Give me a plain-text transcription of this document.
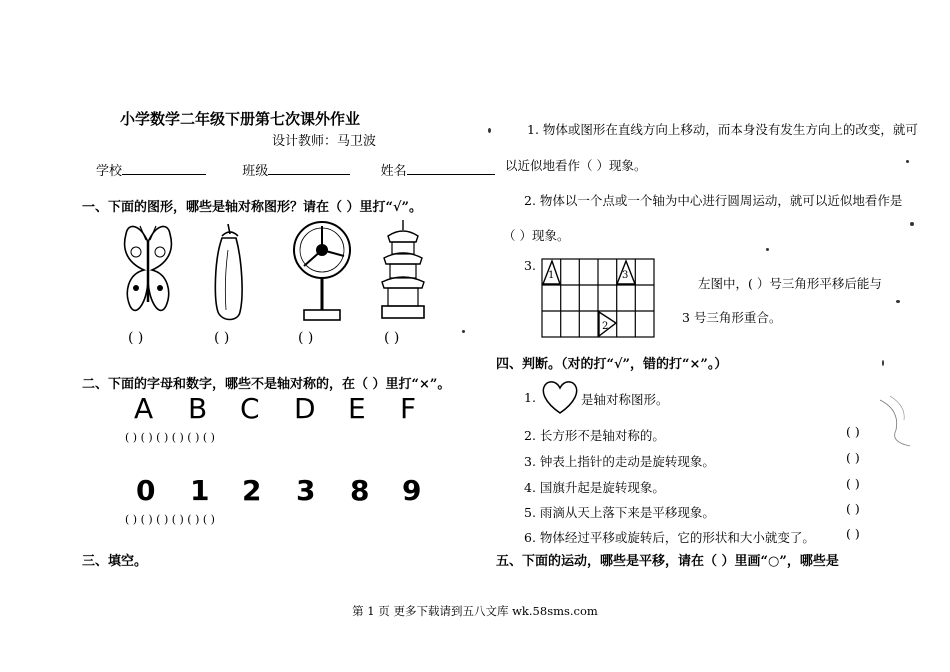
小学数学二年级下册第七次课外作业
设计教师：马卫波
学校	班级	姓名
一、下面的图形，哪些是轴对称图形？请在（ ）里打“√”。
( )	( )	( )	( )
二、下面的字母和数字，哪些不是轴对称的，在（ ）里打“×”。
A B C D E F
( ) ( ) ( ) ( ) ( ) ( )
0 1 2 3 8 9
( ) ( ) ( ) ( ) ( ) ( )
三、填空。
1. 物体或图形在直线方向上移动，而本身没有发生方向上的改变，就可
以近似地看作（ ）现象。
2. 物体以一个点或一个轴为中心进行圆周运动，就可以近似地看作是
（ ）现象。
3.
1	3
2
左图中，( ）号三角形平移后能与
3 号三角形重合。
四、判断。（对的打“√”，错的打“×”。）
1.	是轴对称图形。
2. 长方形不是轴对称的。	( )
3. 钟表上指针的走动是旋转现象。	( )
4. 国旗升起是旋转现象。	( )
5. 雨滴从天上落下来是平移现象。	( )
6. 物体经过平移或旋转后，它的形状和大小就变了。 ( )
五、下面的运动，哪些是平移，请在（ ）里画“○”，哪些是
第 1 页 更多下载请到五八文库 wk.58sms.com
